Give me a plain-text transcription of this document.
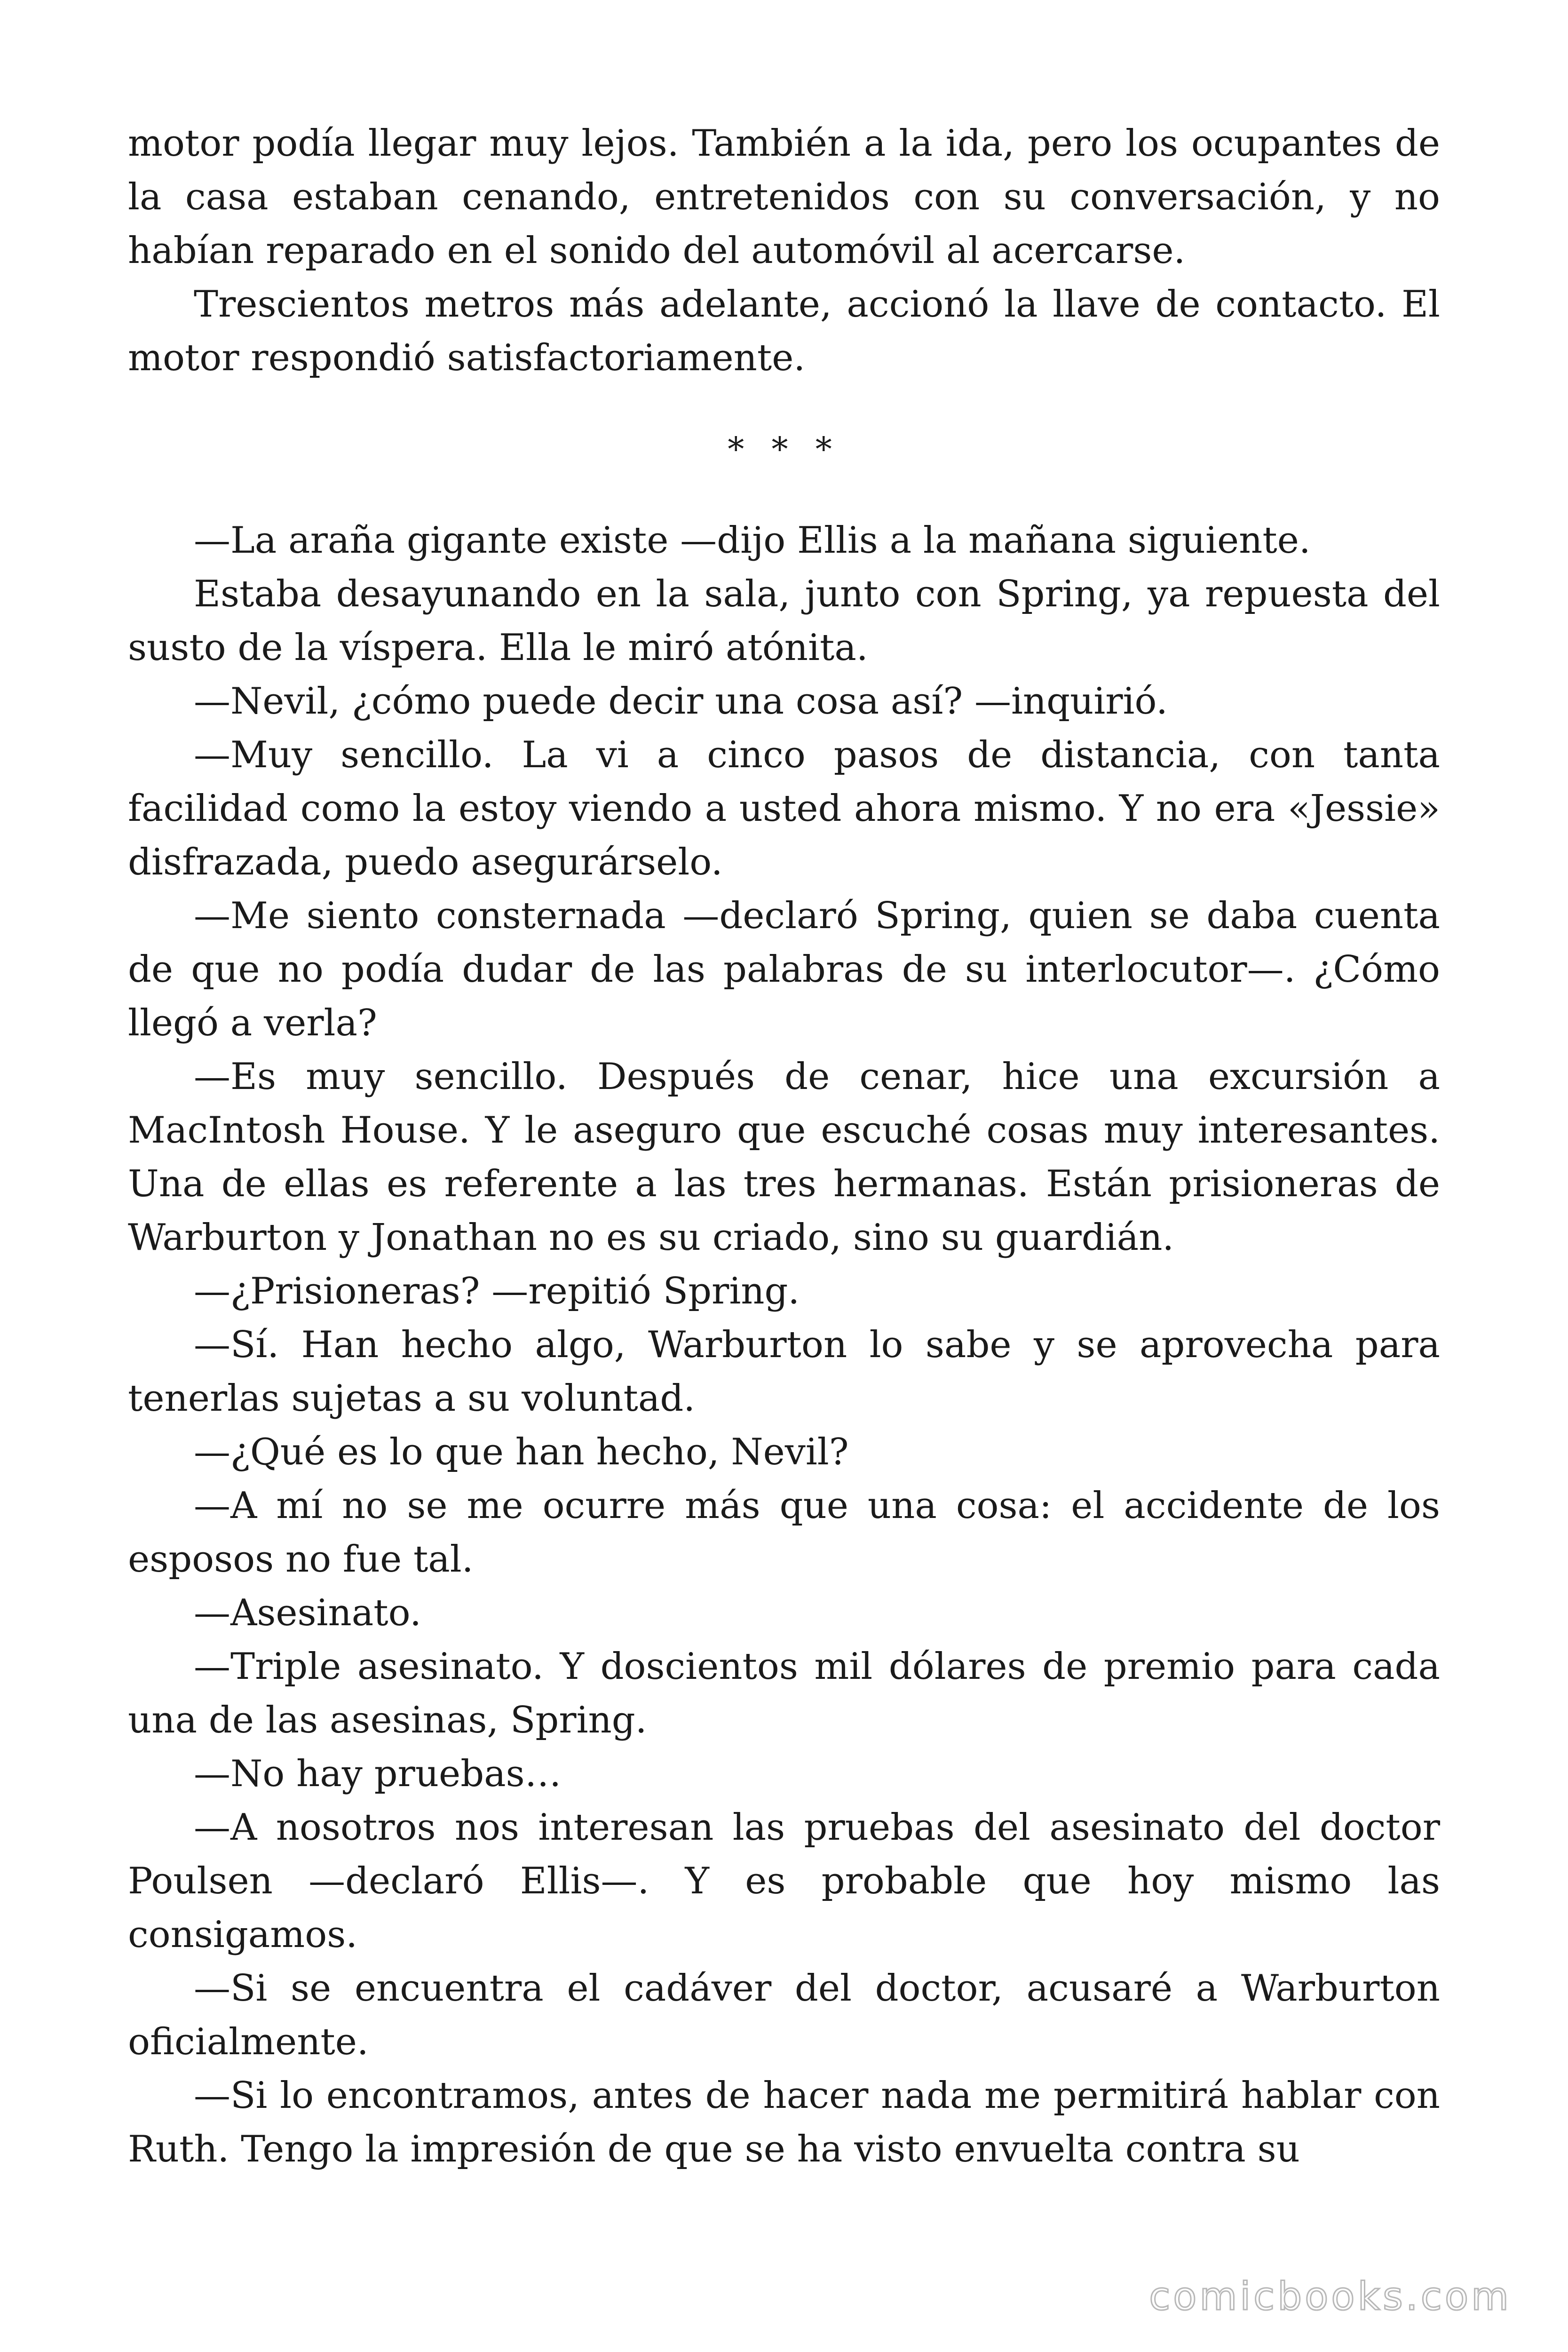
motor podía llegar muy lejos. También a la ida, pero los ocupantes de la casa estaban cenando, entretenidos con su conversación, y no habían reparado en el sonido del automóvil al acercarse.

Trescientos metros más adelante, accionó la llave de contacto. El motor respondió satisfactoriamente.

* * *

—La araña gigante existe —dijo Ellis a la mañana siguiente.

Estaba desayunando en la sala, junto con Spring, ya repuesta del susto de la víspera. Ella le miró atónita.

—Nevil, ¿cómo puede decir una cosa así? —inquirió.

—Muy sencillo. La vi a cinco pasos de distancia, con tanta facilidad como la estoy viendo a usted ahora mismo. Y no era «Jessie» disfrazada, puedo asegurárselo.

—Me siento consternada —declaró Spring, quien se daba cuenta de que no podía dudar de las palabras de su interlocutor—. ¿Cómo llegó a verla?

—Es muy sencillo. Después de cenar, hice una excursión a MacIntosh House. Y le aseguro que escuché cosas muy interesantes. Una de ellas es referente a las tres hermanas. Están prisioneras de Warburton y Jonathan no es su criado, sino su guardián.

—¿Prisioneras? —repitió Spring.

—Sí. Han hecho algo, Warburton lo sabe y se aprovecha para tenerlas sujetas a su voluntad.

—¿Qué es lo que han hecho, Nevil?

—A mí no se me ocurre más que una cosa: el accidente de los esposos no fue tal.

—Asesinato.

—Triple asesinato. Y doscientos mil dólares de premio para cada una de las asesinas, Spring.

—No hay pruebas…

—A nosotros nos interesan las pruebas del asesinato del doctor Poulsen —declaró Ellis—. Y es probable que hoy mismo las consigamos.

—Si se encuentra el cadáver del doctor, acusaré a Warburton oficialmente.

—Si lo encontramos, antes de hacer nada me permitirá hablar con Ruth. Tengo la impresión de que se ha visto envuelta contra su

comicbooks.com
